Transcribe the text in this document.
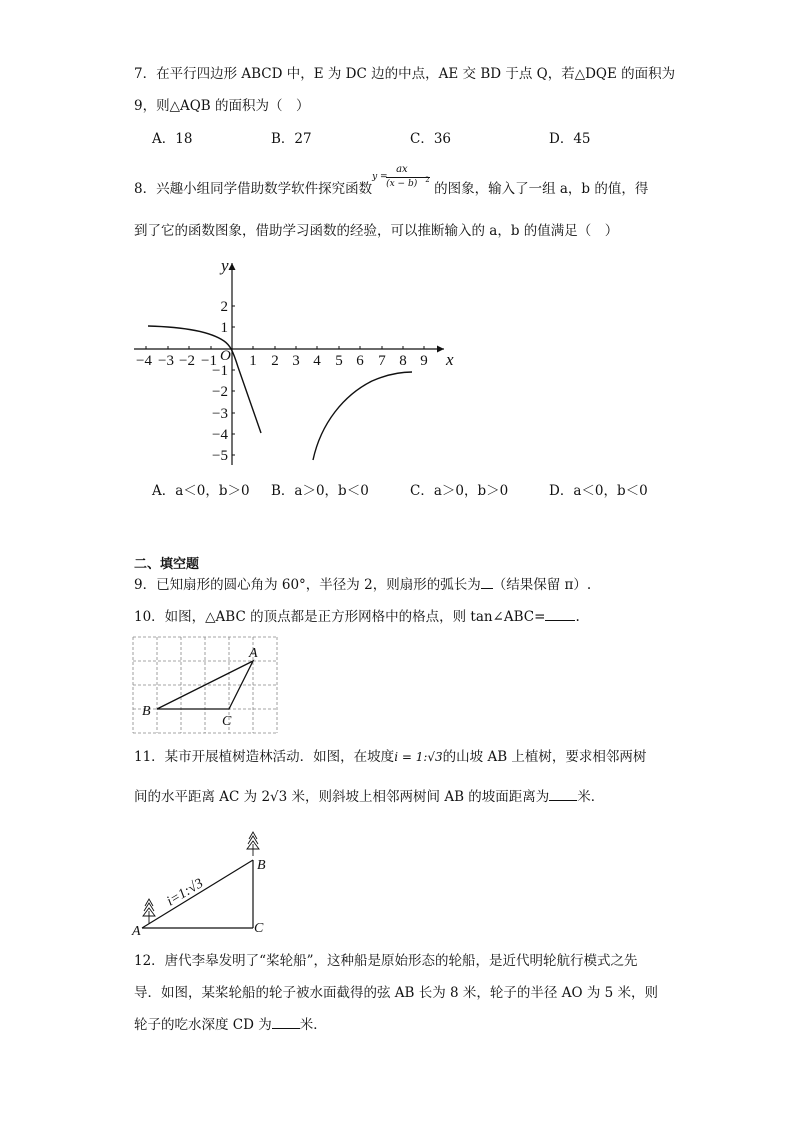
7．在平行四边形 ABCD 中，E 为 DC 边的中点，AE 交 BD 于点 Q，若△DQE 的面积为
9，则△AQB 的面积为（　）
A．18	B．27	C．36	D．45
8．兴趣小组同学借助数学软件探究函数
y =
ax
(x − b) 2
的图象，输入了一组 a，b 的值，得
到了它的函数图象，借助学习函数的经验，可以推断输入的 a，b 的值满足（　）
−4 −3 −2 −1 1 2 3 4 5 6 7 8 9
2
1
−1
−2
−3
−4
−5
O	x
y
A．a＜0，b＞0 B．a＞0，b＜0	C．a＞0，b＞0	D．a＜0，b＜0
二、填空题
9．已知扇形的圆心角为 60°，半径为 2，则扇形的弧长为 （结果保留 π）.
10．如图，△ABC 的顶点都是正方形网格中的格点，则 tan∠ABC= .
A
B
C
11．某市开展植树造林活动．如图，在坡度i = 1:√3的山坡 AB 上植树，要求相邻两树
间的水平距离 AC 为 2√3 米，则斜坡上相邻两树间 AB 的坡面距离为 米．
i=1:√3
A
B
C
12．唐代李皋发明了“桨轮船”，这种船是原始形态的轮船，是近代明轮航行模式之先
导．如图，某桨轮船的轮子被水面截得的弦 AB 长为 8 米，轮子的半径 AO 为 5 米，则
轮子的吃水深度 CD 为 米．
